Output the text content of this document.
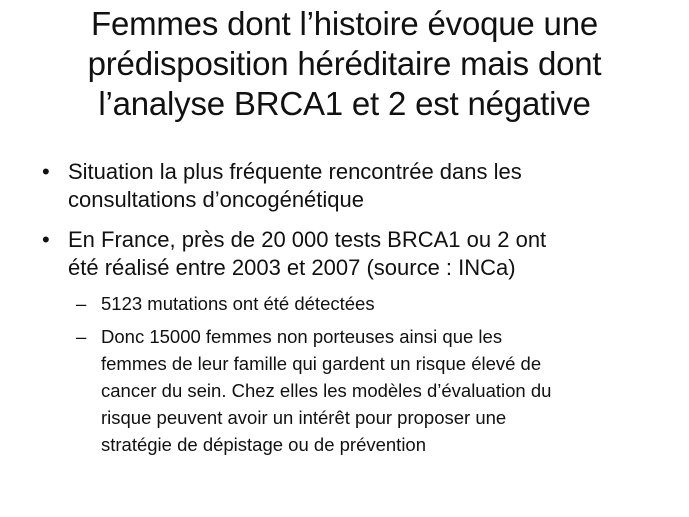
Femmes dont l’histoire évoque une
prédisposition héréditaire mais dont
l’analyse BRCA1 et 2 est négative
• Situation la plus fréquente rencontrée dans les
consultations d’oncogénétique
• En France, près de 20 000 tests BRCA1 ou 2 ont
été réalisé entre 2003 et 2007 (source : INCa)
– 5123 mutations ont été détectées
– Donc 15000 femmes non porteuses ainsi que les
femmes de leur famille qui gardent un risque élevé de
cancer du sein. Chez elles les modèles d’évaluation du
risque peuvent avoir un intérêt pour proposer une
stratégie de dépistage ou de prévention
